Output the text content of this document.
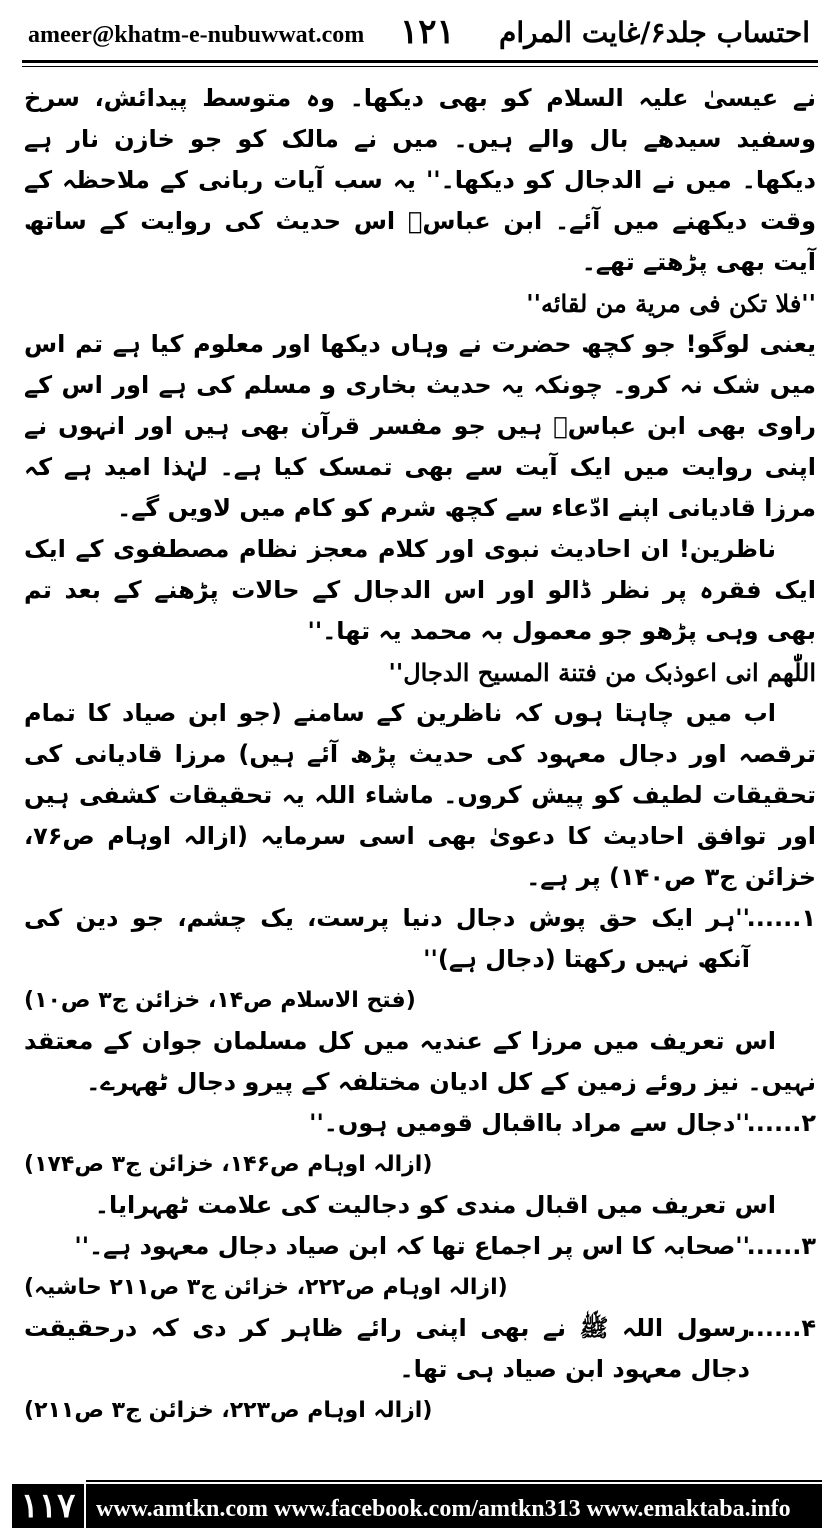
ameer@khatm-e-nubuwwat.com ۱۲۱ احتساب جلد۶/غایت المرام

نے عیسیٰ علیہ السلام کو بھی دیکھا۔ وہ متوسط پیدائش، سرخ وسفید سیدھے بال والے ہیں۔ میں نے مالک کو جو خازن نار ہے دیکھا۔ میں نے الدجال کو دیکھا۔'' یہ سب آیات ربانی کے ملاحظہ کے وقت دیکھنے میں آئے۔ ابن عباسؓ اس حدیث کی روایت کے ساتھ آیت بھی پڑھتے تھے۔

''فلا تکن فی مریة من لقائه''

یعنی لوگو! جو کچھ حضرت نے وہاں دیکھا اور معلوم کیا ہے تم اس میں شک نہ کرو۔ چونکہ یہ حدیث بخاری و مسلم کی ہے اور اس کے راوی بھی ابن عباسؓ ہیں جو مفسر قرآن بھی ہیں اور انہوں نے اپنی روایت میں ایک آیت سے بھی تمسک کیا ہے۔ لہٰذا امید ہے کہ مرزا قادیانی اپنے ادّعاء سے کچھ شرم کو کام میں لاویں گے۔

ناظرین! ان احادیث نبوی اور کلام معجز نظام مصطفوی کے ایک ایک فقرہ پر نظر ڈالو اور اس الدجال کے حالات پڑھنے کے بعد تم بھی وہی پڑھو جو معمول بہ محمد یہ تھا۔''

اللّٰھم انی اعوذبک من فتنة المسیح الدجال''

اب میں چاہتا ہوں کہ ناظرین کے سامنے (جو ابن صیاد کا تمام ترقصہ اور دجال معہود کی حدیث پڑھ آئے ہیں) مرزا قادیانی کی تحقیقات لطیف کو پیش کروں۔ ماشاء اللہ یہ تحقیقات کشفی ہیں اور توافق احادیث کا دعویٰ بھی اسی سرمایہ (ازالہ اوہام ص۷۶، خزائن ج۳ ص۱۴۰) پر ہے۔

۱......
''ہر ایک حق پوش دجال دنیا پرست، یک چشم، جو دین کی آنکھ نہیں رکھتا (دجال ہے)''
(فتح الاسلام ص۱۴، خزائن ج۳ ص۱۰)

اس تعریف میں مرزا کے عندیہ میں کل مسلمان جوان کے معتقد نہیں۔ نیز روئے زمین کے کل ادیان مختلفہ کے پیرو دجال ٹھہرے۔

۲......
''دجال سے مراد بااقبال قومیں ہوں۔''
(ازالہ اوہام ص۱۴۶، خزائن ج۳ ص۱۷۴)

اس تعریف میں اقبال مندی کو دجالیت کی علامت ٹھہرایا۔

۳......
''صحابہ کا اس پر اجماع تھا کہ ابن صیاد دجال معہود ہے۔''
(ازالہ اوہام ص۲۲۲، خزائن ج۳ ص۲۱۱ حاشیہ)
۴......
رسول اللہ ﷺ نے بھی اپنی رائے ظاہر کر دی کہ درحقیقت دجال معہود ابن صیاد ہی تھا۔
(ازالہ اوہام ص۲۲۳، خزائن ج۳ ص۲۱۱)
۱۱۷ www.amtkn.com www.facebook.com/amtkn313 www.emaktaba.info
